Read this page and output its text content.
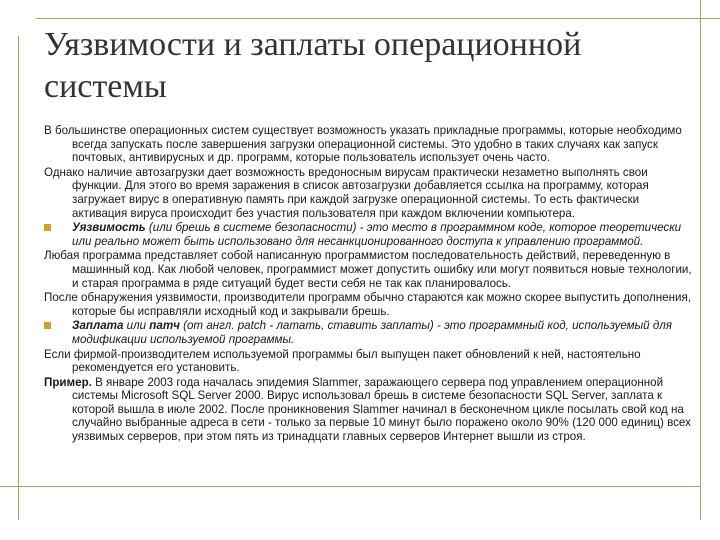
Уязвимости и заплаты операционной системы

В большинстве операционных систем существует возможность указать прикладные программы, которые необходимо всегда запускать после завершения загрузки операционной системы. Это удобно в таких случаях как запуск почтовых, антивирусных и др. программ, которые пользователь использует очень часто.

Однако наличие автозагрузки дает возможность вредоносным вирусам практически незаметно выполнять свои функции. Для этого во время заражения в список автозагрузки добавляется ссылка на программу, которая загружает вирус в оперативную память при каждой загрузке операционной системы. То есть фактически активация вируса происходит без участия пользователя при каждом включении компьютера.

Уязвимость (или брешь в системе безопасности) - это место в программном коде, которое теоретически или реально может быть использовано для несанкционированного доступа к управлению программой.

Любая программа представляет собой написанную программистом последовательность действий, переведенную в машинный код. Как любой человек, программист может допустить ошибку или могут появиться новые технологии, и старая программа в ряде ситуаций будет вести себя не так как планировалось.

После обнаружения уязвимости, производители программ обычно стараются как можно скорее выпустить дополнения, которые бы исправляли исходный код и закрывали брешь.

Заплата или патч (от англ. patch - латать, ставить заплаты) - это программный код, используемый для модификации используемой программы.

Если фирмой-производителем используемой программы был выпущен пакет обновлений к ней, настоятельно рекомендуется его установить.

Пример. В январе 2003 года началась эпидемия Slammer, заражающего сервера под управлением операционной системы Microsoft SQL Server 2000. Вирус использовал брешь в системе безопасности SQL Server, заплата к которой вышла в июле 2002. После проникновения Slammer начинал в бесконечном цикле посылать свой код на случайно выбранные адреса в сети - только за первые 10 минут было поражено около 90% (120 000 единиц) всех уязвимых серверов, при этом пять из тринадцати главных серверов Интернет вышли из строя.
